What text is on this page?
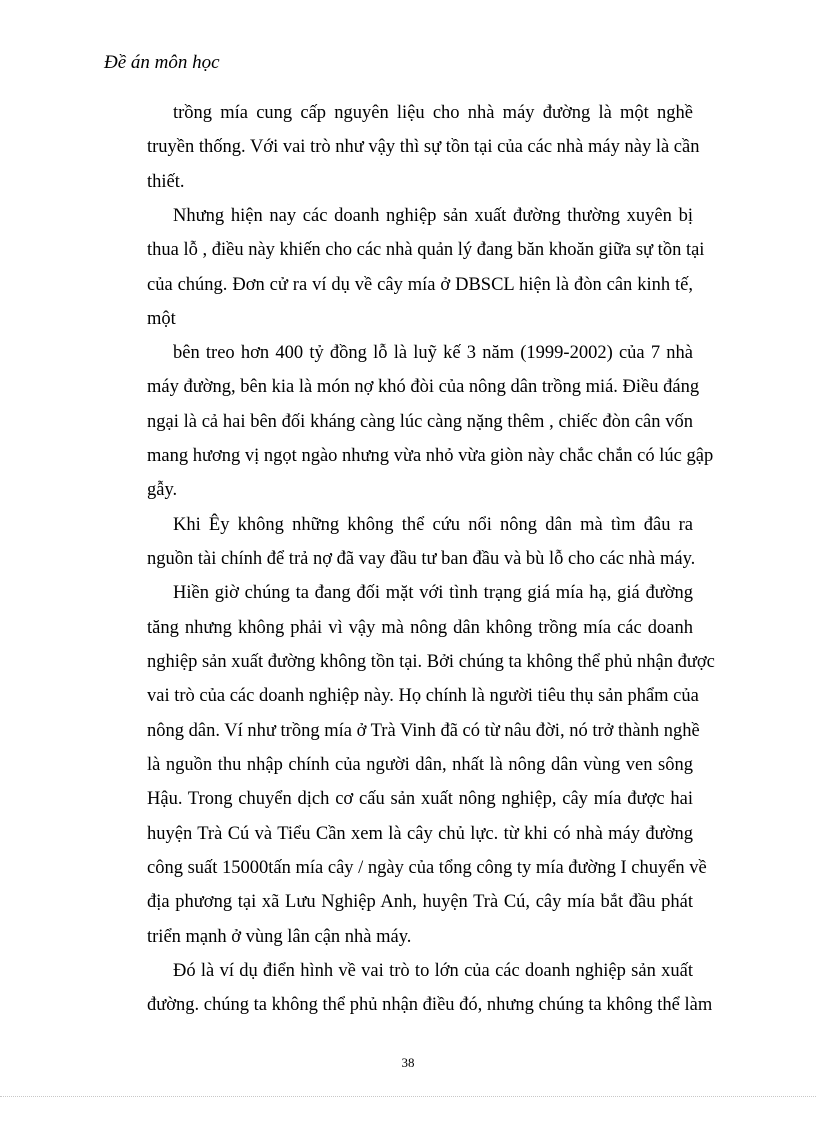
Đề án môn học
trồng mía cung cấp nguyên liệu cho nhà máy đường là một nghề
truyền thống. Với vai trò như vậy thì sự tồn tại của các nhà máy này là cần
thiết.
Nhưng hiện nay các doanh nghiệp sản xuất đường thường xuyên bị
thua lỗ , điều này khiến cho các nhà quản lý đang băn khoăn giữa sự tồn tại
của chúng. Đơn cử ra ví dụ về cây mía ở DBSCL hiện là đòn cân kinh tế,
một
bên treo hơn 400 tỷ đồng lỗ là luỹ kế 3 năm (1999-2002) của 7 nhà
máy đường, bên kia là món nợ khó đòi của nông dân trồng miá. Điều đáng
ngại là cả hai bên đối kháng càng lúc càng nặng thêm , chiếc đòn cân vốn
mang hương vị ngọt ngào nhưng vừa nhỏ vừa giòn này chắc chắn có lúc gập
gẫy.
Khi Êy không những không thể cứu nổi nông dân mà tìm đâu ra
nguồn tài chính để trả nợ đã vay đầu tư ban đầu và bù lỗ cho các nhà máy.
Hiền giờ chúng ta đang đối mặt với tình trạng giá mía hạ, giá đường
tăng nhưng không phải vì vậy mà nông dân không trồng mía các doanh
nghiệp sản xuất đường không tồn tại. Bởi chúng ta không thể phủ nhận được
vai trò của các doanh nghiệp này. Họ chính là người tiêu thụ sản phẩm của
nông dân. Ví như trồng mía ở Trà Vinh đã có từ nâu đời, nó trở thành nghề
là nguồn thu nhập chính của người dân, nhất là nông dân vùng ven sông
Hậu. Trong chuyển dịch cơ cấu sản xuất nông nghiệp, cây mía được hai
huyện Trà Cú và Tiểu Cần xem là cây chủ lực. từ khi có nhà máy đường
công suất 15000tấn mía cây / ngày của tổng công ty mía đường I chuyển về
địa phương tại xã Lưu Nghiệp Anh, huyện Trà Cú, cây mía bắt đầu phát
triển mạnh ở vùng lân cận nhà máy.
Đó là ví dụ điển hình về vai trò to lớn của các doanh nghiệp sản xuất
đường. chúng ta không thể phủ nhận điều đó, nhưng chúng ta không thể làm
38
